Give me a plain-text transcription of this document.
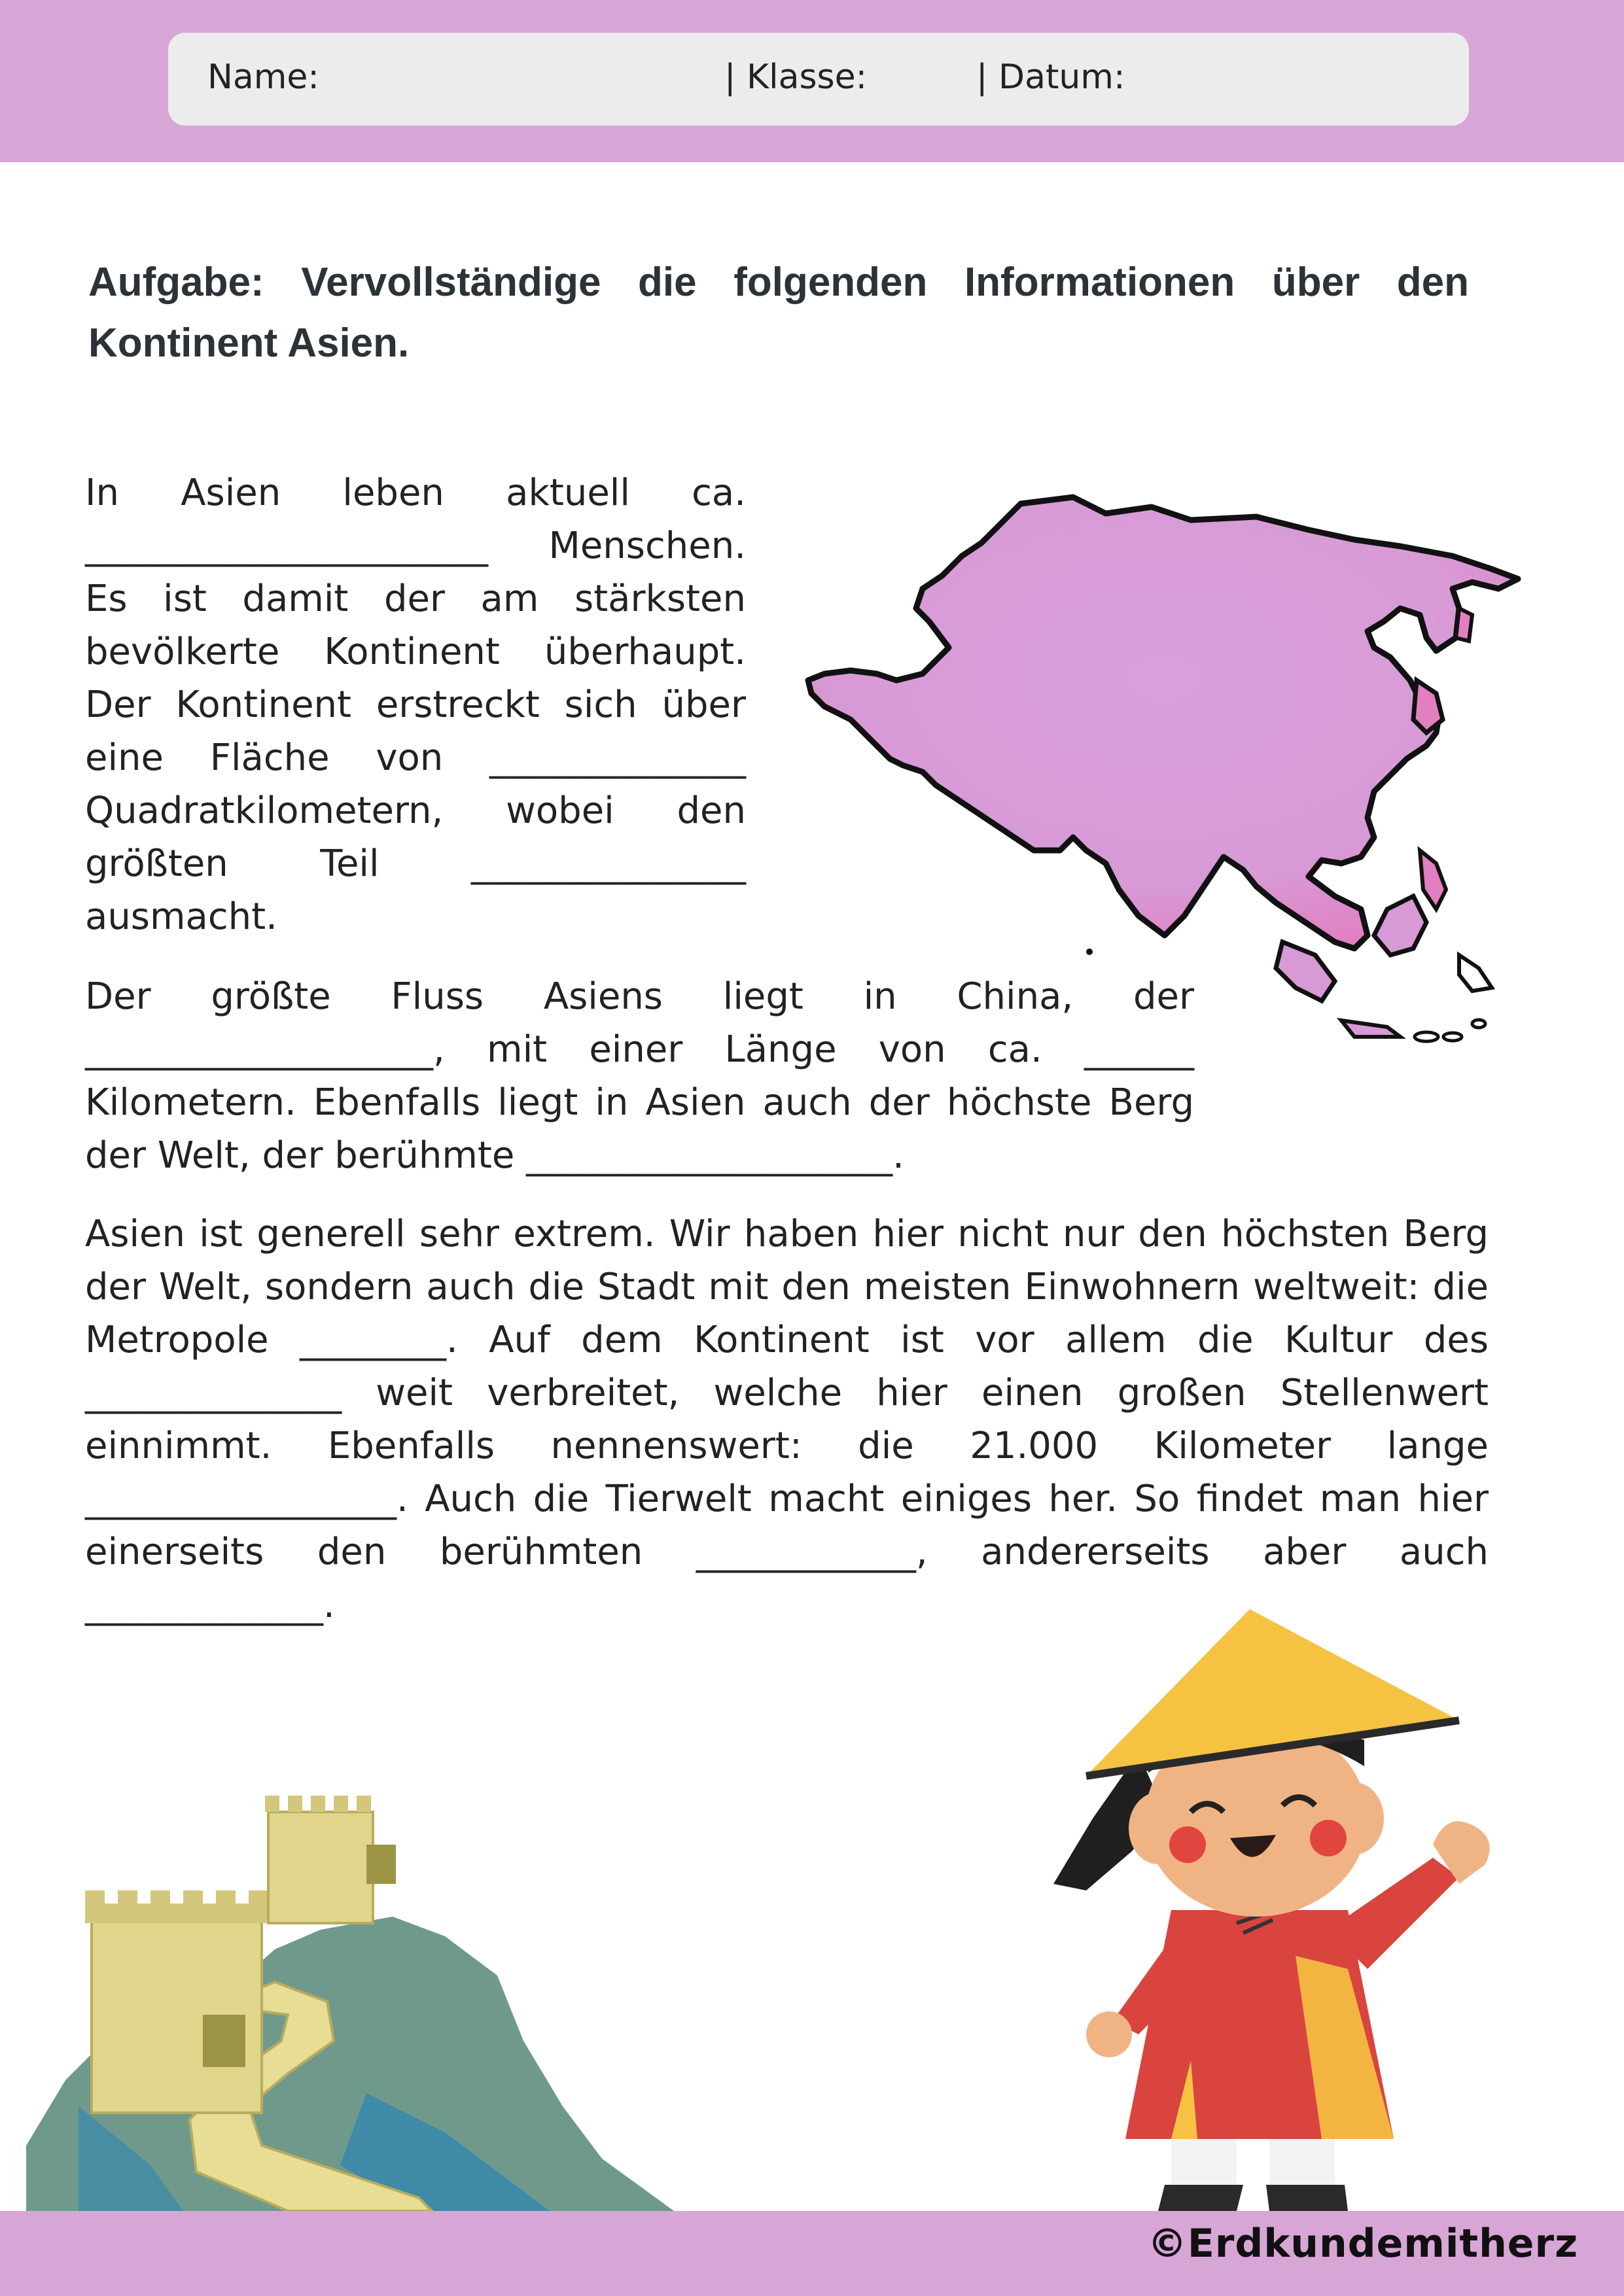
Name:	| Klasse:	| Datum:
Aufgabe: Vervollständige die folgenden Informationen über den Kontinent Asien.

In Asien leben aktuell ca. ______________________ Menschen. Es ist damit der am stärksten bevölkerte Kontinent überhaupt. Der Kontinent erstreckt sich über eine Fläche von ______________ Quadratkilometern, wobei den größten Teil _______________ ausmacht.

Der größte Fluss Asiens liegt in China, der ___________________, mit einer Länge von ca. ______ Kilometern. Ebenfalls liegt in Asien auch der höchste Berg der Welt, der berühmte ____________________.

Asien ist generell sehr extrem. Wir haben hier nicht nur den höchsten Berg der Welt, sondern auch die Stadt mit den meisten Einwohnern weltweit: die Metropole ________. Auf dem Kontinent ist vor allem die Kultur des ______________ weit verbreitet, welche hier einen großen Stellenwert einnimmt. Ebenfalls nennenswert: die 21.000 Kilometer lange _________________. Auch die Tierwelt macht einiges her. So findet man hier einerseits den berühmten ____________, andererseits aber auch _____________.

©Erdkundemitherz
